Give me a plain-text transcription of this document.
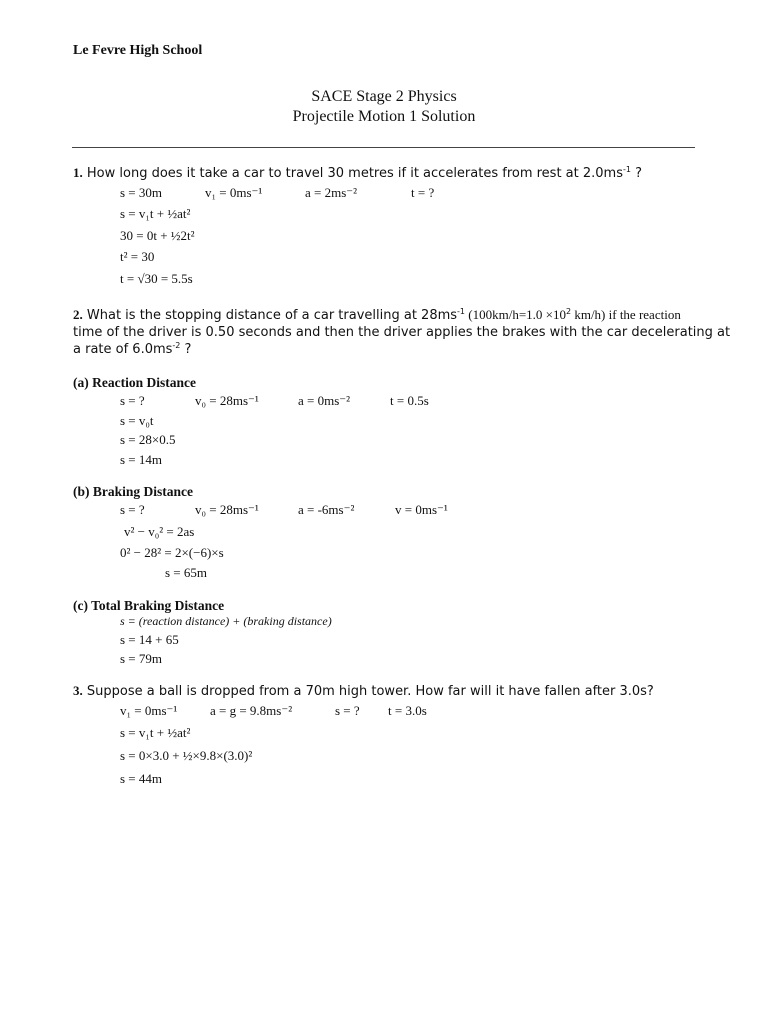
Le Fevre High School
SACE Stage 2 Physics
Projectile Motion 1 Solution
1. How long does it take a car to travel 30 metres if it accelerates from rest at $2.0ms^{-1}$ ?
s = 30m	v₁ = 0ms⁻¹	a = 2ms⁻²	t = ?
s = v₁t + ½at²
30 = 0t + ½2t²
t² = 30
t = √30 = 5.5s
2. What is the stopping distance of a car travelling at $28ms^{-1}$ ($100km/h=1.0 \times 10^2$ km/h) if the reaction
time of the driver is 0.50 seconds and then the driver applies the brakes with the car decelerating at
a rate of $6.0ms^{-2}$ ?
(a) Reaction Distance
s = ?	v₀ = 28ms⁻¹	a = 0ms⁻²	t = 0.5s
s = v₀t
s = 28×0.5
s = 14m
(b) Braking Distance
s = ?	v₀ = 28ms⁻¹	a = -6ms⁻²	v = 0ms⁻¹
v² − v₀² = 2as
0² − 28² = 2×(−6)×s
s = 65m
(c) Total Braking Distance
s = (reaction distance) + (braking distance)
s = 14 + 65
s = 79m
3. Suppose a ball is dropped from a 70m high tower. How far will it have fallen after 3.0s?
v₁ = 0ms⁻¹	a = g = 9.8ms⁻²	s = ? t = 3.0s
s = v₁t + ½at²
s = 0×3.0 + ½×9.8×(3.0)²
s = 44m
